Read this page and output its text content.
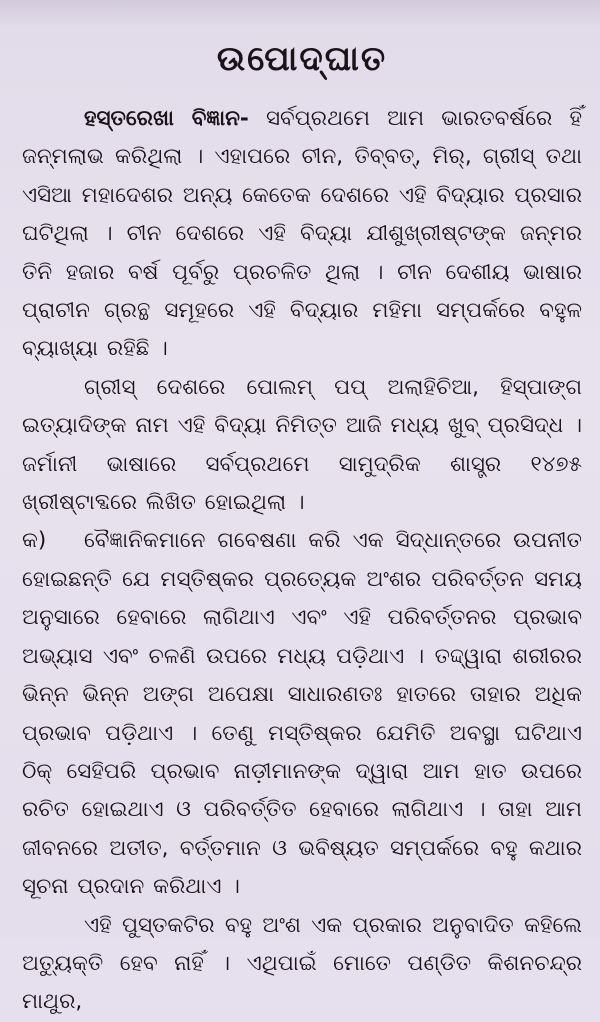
ଉପୋଦ୍‌ଘାତ

ହସ୍ତରେଖା ବିଜ୍ଞାନ- ସର୍ବପ୍ରଥମେ ଆମ ଭାରତବର୍ଷରେ ହିଁ ଜନ୍ମଲାଭ କରିଥିଲା । ଏହାପରେ ଚୀନ, ତିବ୍ବତ୍, ମିର୍, ଗ୍ରୀସ୍ ତଥା ଏସିଆ ମହାଦେଶର ଅନ୍ୟ କେତେକ ଦେଶରେ ଏହି ବିଦ୍ୟାର ପ୍ରସାର ଘଟିଥିଲା । ଚୀନ ଦେଶରେ ଏହି ବିଦ୍ୟା ଯୀଶୁଖ୍ରୀଷ୍ଟଙ୍କ ଜନ୍ମର ତିନି ହଜାର ବର୍ଷ ପୂର୍ବରୁ ପ୍ରଚଳିତ ଥିଲା । ଚୀନ ଦେଶୀୟ ଭାଷାର ପ୍ରାଚୀନ ଗ୍ରନ୍ଥ ସମୂହରେ ଏହି ବିଦ୍ୟାର ମହିମା ସମ୍ପର୍କରେ ବହୁଳ ବ୍ୟାଖ୍ୟା ରହିଛି ।

ଗ୍ରୀସ୍ ଦେଶରେ ପୋଲମ୍ ପପ୍ ଅଲାହିଚିଆ, ହିସ୍ପାଙ୍ଗ ଇତ୍ୟାଦିଙ୍କ ନାମ ଏହି ବିଦ୍ୟା ନିମିତ୍ତ ଆଜି ମଧ୍ୟ ଖୁବ୍ ପ୍ରସିଦ୍ଧ । ଜର୍ମାନୀ ଭାଷାରେ ସର୍ବପ୍ରଥମେ ସାମୁଦ୍ରିକ ଶାସ୍ତ୍ର ୧୪୭୫ ଖ୍ରୀଷ୍ଟାବ୍ଦରେ ଲିଖିତ ହୋଇଥିଲା ।

କ)	ବୈଜ୍ଞାନିକମାନେ ଗବେଷଣା କରି ଏକ ସିଦ୍ଧାନ୍ତରେ ଉପନୀତ ହୋଇଛନ୍ତି ଯେ ମସ୍ତିଷ୍କର ପ୍ରତ୍ୟେକ ଅଂଶର ପରିବର୍ତ୍ତନ ସମୟ ଅନୁସାରେ ହେବାରେ ଲାଗିଥାଏ ଏବଂ ଏହି ପରିବର୍ତ୍ତନର ପ୍ରଭାବ ଅଭ୍ୟାସ ଏବଂ ଚଳଣି ଉପରେ ମଧ୍ୟ ପଡ଼ିଥାଏ । ତଦ୍ଦ୍ୱାରା ଶରୀରର ଭିନ୍ନ ଭିନ୍ନ ଅଙ୍ଗ ଅପେକ୍ଷା ସାଧାରଣତଃ ହାତରେ ତାହାର ଅଧିକ ପ୍ରଭାବ ପଡ଼ିଥାଏ । ତେଣୁ ମସ୍ତିଷ୍କର ଯେମିତି ଅବସ୍ଥା ଘଟିଥାଏ ଠିକ୍ ସେହିପରି ପ୍ରଭାବ ନାଡ଼ୀମାନଙ୍କ ଦ୍ୱାରା ଆମ ହାତ ଉପରେ ରଚିତ ହୋଇଥାଏ ଓ ପରିବର୍ତ୍ତିତ ହେବାରେ ଲାଗିଥାଏ । ତାହା ଆମ ଜୀବନରେ ଅତୀତ, ବର୍ତ୍ତମାନ ଓ ଭବିଷ୍ୟତ ସମ୍ପର୍କରେ ବହୁ କଥାର ସୂଚନା ପ୍ରଦାନ କରିଥାଏ ।

ଏହି ପୁସ୍ତକଟିର ବହୁ ଅଂଶ ଏକ ପ୍ରକାର ଅନୁବାଦିତ କହିଲେ ଅତ୍ୟୁକ୍ତି ହେବ ନାହିଁ । ଏଥିପାଇଁ ମୋତେ ପଣ୍ଡିତ କିଶନଚନ୍ଦ୍ର ମାଥୁର,
